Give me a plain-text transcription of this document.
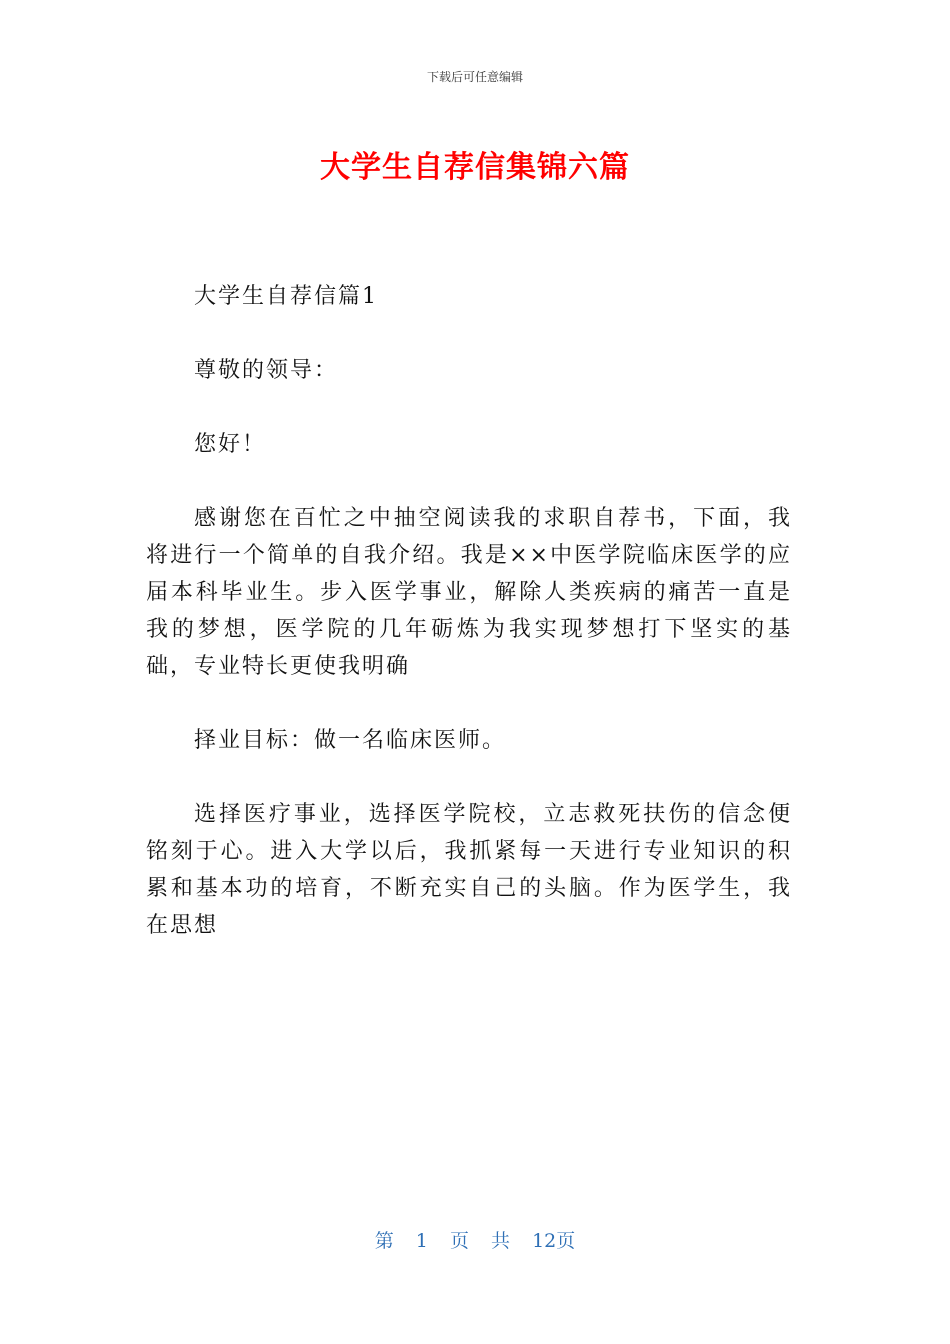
下载后可任意编辑
大学生自荐信集锦六篇

大学生自荐信篇1

尊敬的领导：

您好！

感谢您在百忙之中抽空阅读我的求职自荐书，下面，我将进行一个简单的自我介绍。我是××中医学院临床医学的应届本科毕业生。步入医学事业，解除人类疾病的痛苦一直是我的梦想，医学院的几年砺炼为我实现梦想打下坚实的基础，专业特长更使我明确

择业目标：做一名临床医师。

选择医疗事业，选择医学院校，立志救死扶伤的信念便铭刻于心。进入大学以后，我抓紧每一天进行专业知识的积累和基本功的培育，不断充实自己的头脑。作为医学生，我在思想

第 1 页 共 12页
